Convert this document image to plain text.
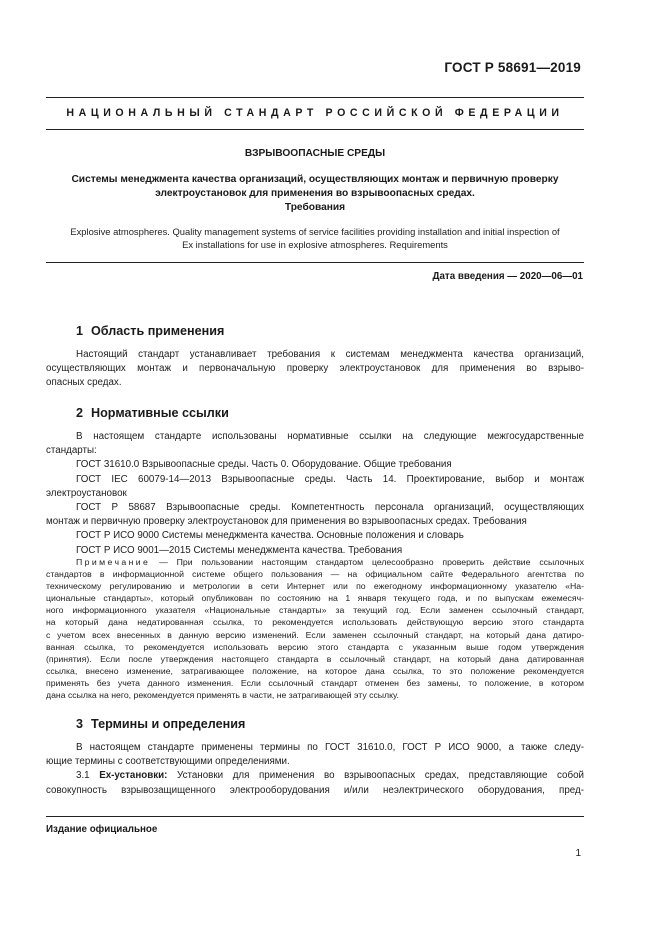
ГОСТ Р 58691—2019
НАЦИОНАЛЬНЫЙ СТАНДАРТ РОССИЙСКОЙ ФЕДЕРАЦИИ
ВЗРЫВООПАСНЫЕ СРЕДЫ
Системы менеджмента качества организаций, осуществляющих монтаж и первичную проверку
электроустановок для применения во взрывоопасных средах.
Требования
Explosive atmospheres. Quality management systems of service facilities providing installation and initial inspection of
Ex installations for use in explosive atmospheres. Requirements
Дата введения — 2020—06—01
1 Область применения
Настоящий стандарт устанавливает требования к системам менеджмента качества организаций,
осуществляющих монтаж и первоначальную проверку электроустановок для применения во взрыво-
опасных средах.
2 Нормативные ссылки
В настоящем стандарте использованы нормативные ссылки на следующие межгосударственные
стандарты:
ГОСТ 31610.0 Взрывоопасные среды. Часть 0. Оборудование. Общие требования
ГОСТ IEC 60079-14—2013 Взрывоопасные среды. Часть 14. Проектирование, выбор и монтаж
электроустановок
ГОСТ Р 58687 Взрывоопасные среды. Компетентность персонала организаций, осуществляющих
монтаж и первичную проверку электроустановок для применения во взрывоопасных средах. Требования
ГОСТ Р ИСО 9000 Системы менеджмента качества. Основные положения и словарь
ГОСТ Р ИСО 9001—2015 Системы менеджмента качества. Требования
Примечание — При пользовании настоящим стандартом целесообразно проверить действие ссылочных
стандартов в информационной системе общего пользования — на официальном сайте Федерального агентства по
техническому регулированию и метрологии в сети Интернет или по ежегодному информационному указателю «На-
циональные стандарты», который опубликован по состоянию на 1 января текущего года, и по выпускам ежемесяч-
ного информационного указателя «Национальные стандарты» за текущий год. Если заменен ссылочный стандарт,
на который дана недатированная ссылка, то рекомендуется использовать действующую версию этого стандарта
с учетом всех внесенных в данную версию изменений. Если заменен ссылочный стандарт, на который дана датиро-
ванная ссылка, то рекомендуется использовать версию этого стандарта с указанным выше годом утверждения
(принятия). Если после утверждения настоящего стандарта в ссылочный стандарт, на который дана датированная
ссылка, внесено изменение, затрагивающее положение, на которое дана ссылка, то это положение рекомендуется
применять без учета данного изменения. Если ссылочный стандарт отменен без замены, то положение, в котором
дана ссылка на него, рекомендуется применять в части, не затрагивающей эту ссылку.
3 Термины и определения
В настоящем стандарте применены термины по ГОСТ 31610.0, ГОСТ Р ИСО 9000, а также следу-
ющие термины с соответствующими определениями.
3.1 Ex-установки: Установки для применения во взрывоопасных средах, представляющие собой
совокупность взрывозащищенного электрооборудования и/или неэлектрического оборудования, пред-
Издание официальное
1
